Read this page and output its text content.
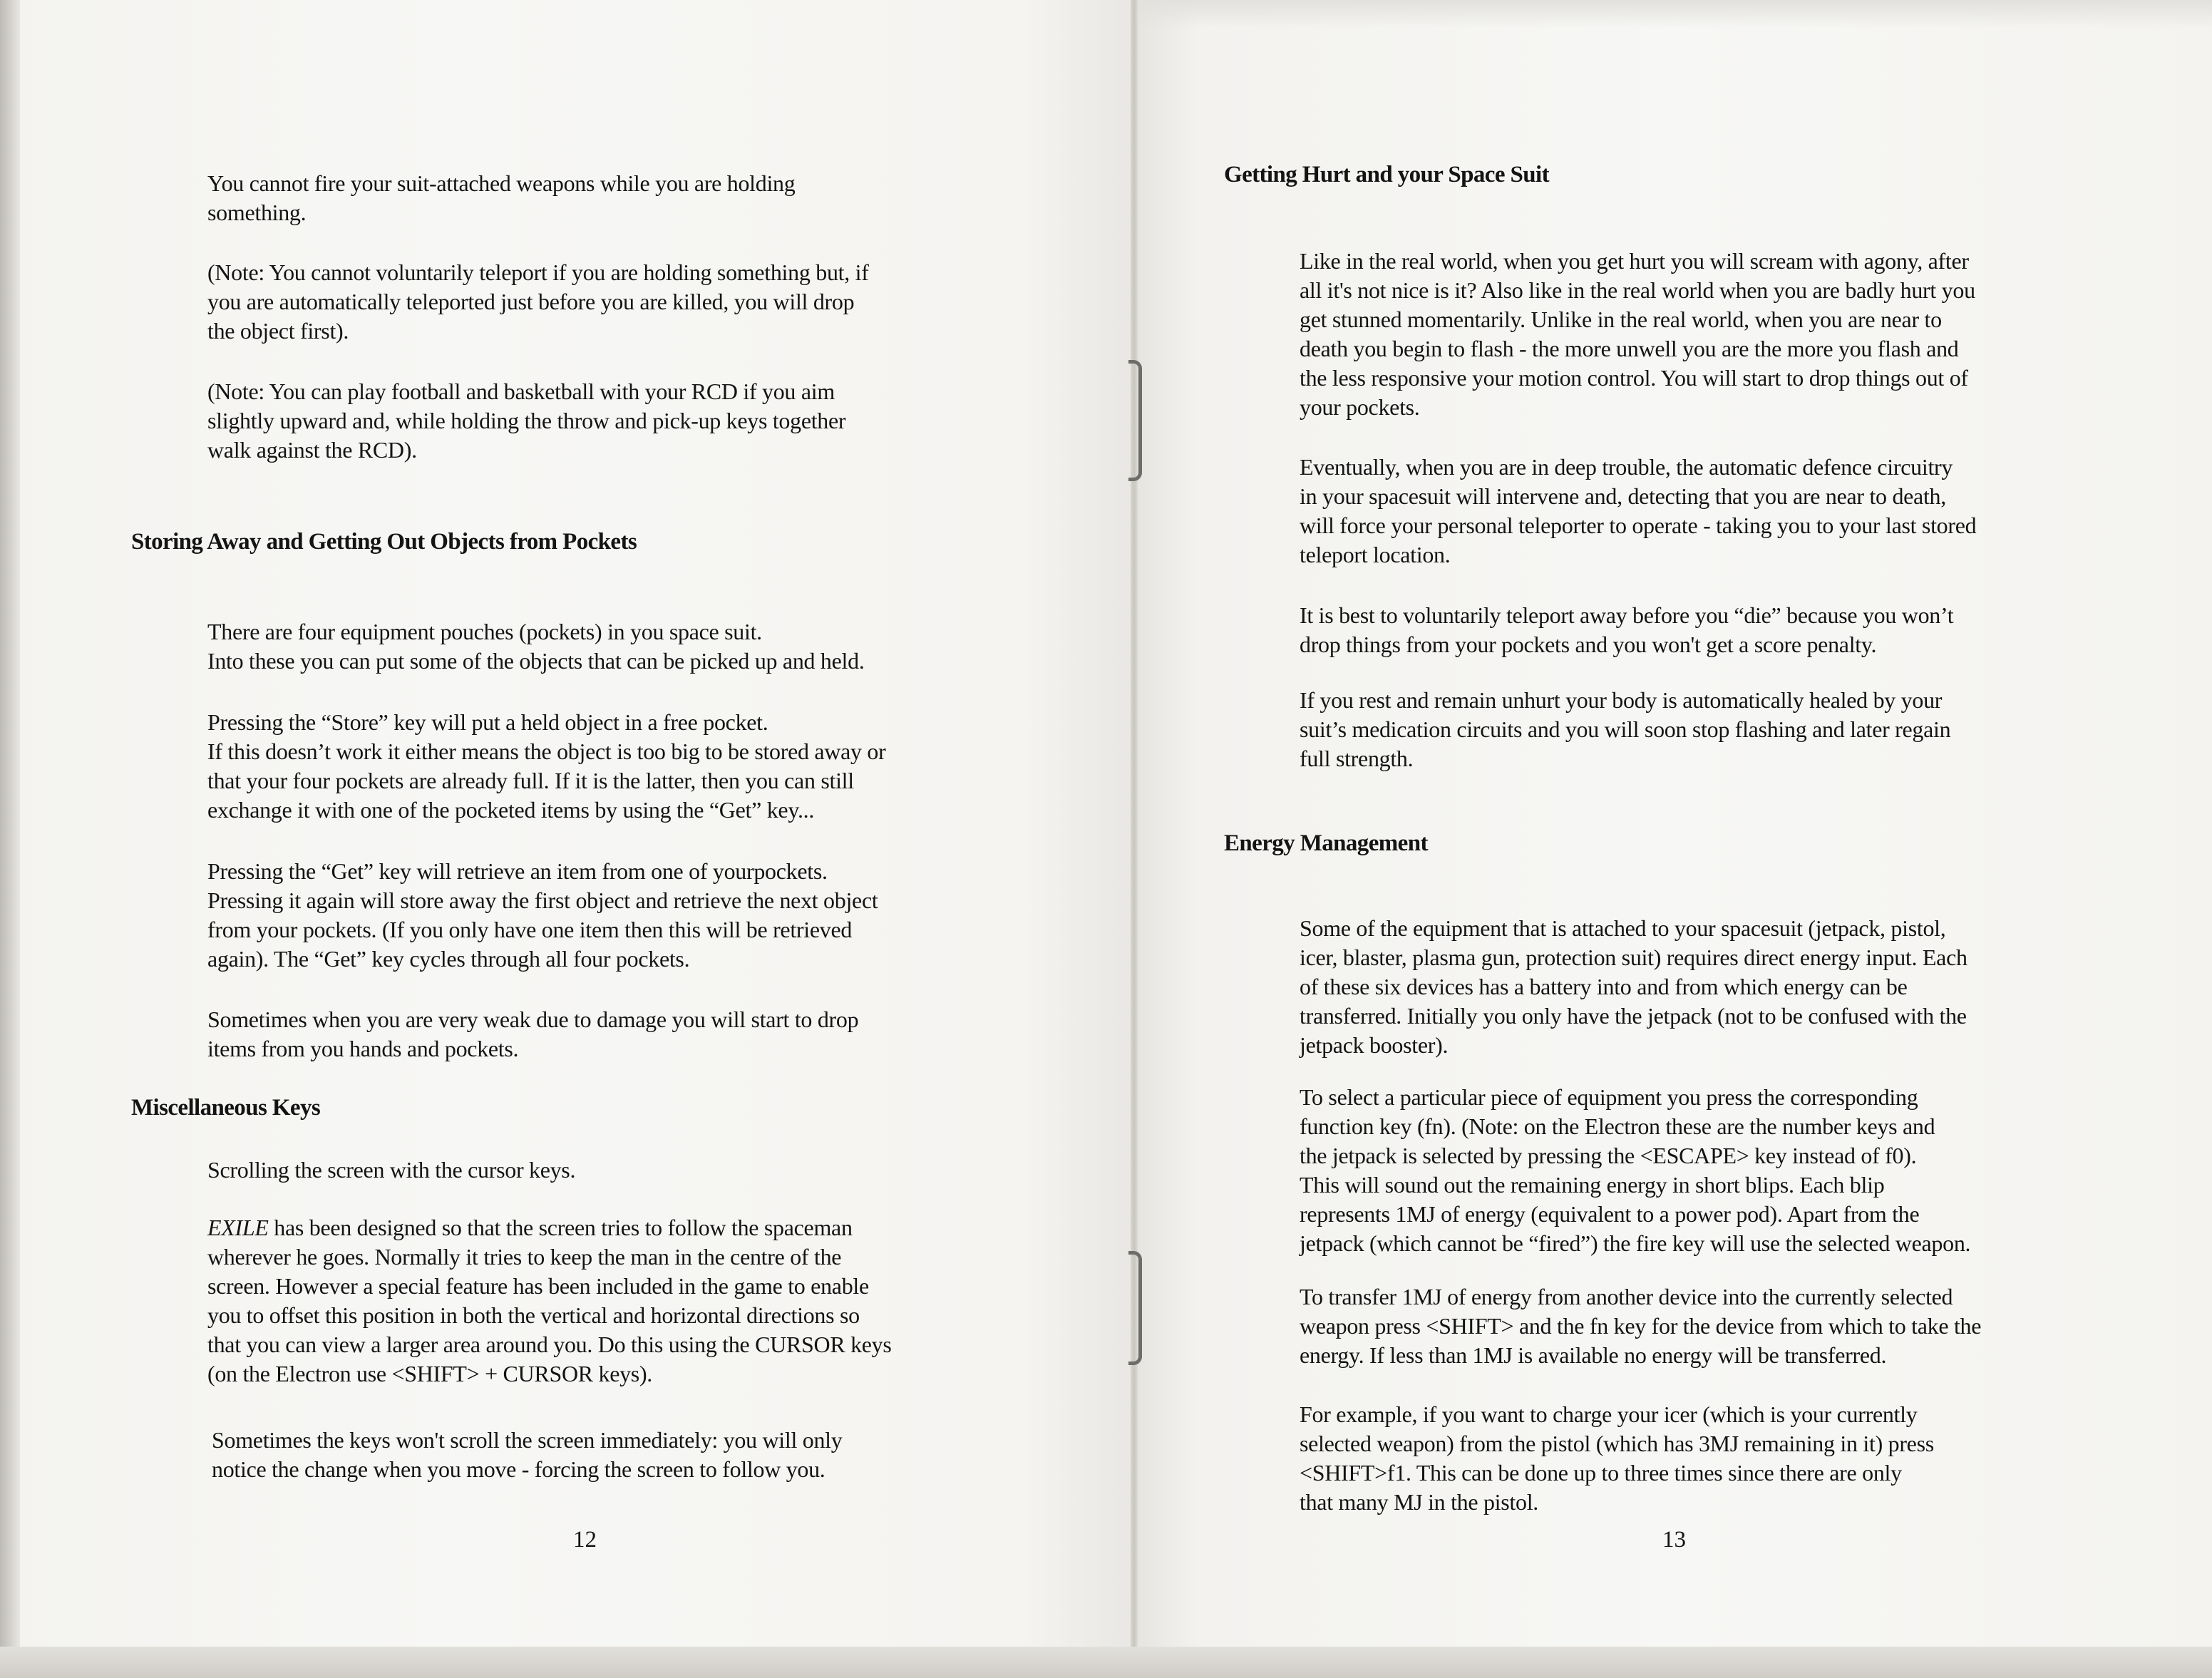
You cannot fire your suit-attached weapons while you are holding
something.

(Note: You cannot voluntarily teleport if you are holding something but, if
you are automatically teleported just before you are killed, you will drop
the object first).

(Note: You can play football and basketball with your RCD if you aim
slightly upward and, while holding the throw and pick-up keys together
walk against the RCD).

Storing Away and Getting Out Objects from Pockets

There are four equipment pouches (pockets) in you space suit.
Into these you can put some of the objects that can be picked up and held.

Pressing the “Store” key will put a held object in a free pocket.
If this doesn’t work it either means the object is too big to be stored away or
that your four pockets are already full. If it is the latter, then you can still
exchange it with one of the pocketed items by using the “Get” key...

Pressing the “Get” key will retrieve an item from one of yourpockets.
Pressing it again will store away the first object and retrieve the next object
from your pockets. (If you only have one item then this will be retrieved
again). The “Get” key cycles through all four pockets.

Sometimes when you are very weak due to damage you will start to drop
items from you hands and pockets.

Miscellaneous Keys

Scrolling the screen with the cursor keys.

EXILE has been designed so that the screen tries to follow the spaceman
wherever he goes. Normally it tries to keep the man in the centre of the
screen. However a special feature has been included in the game to enable
you to offset this position in both the vertical and horizontal directions so
that you can view a larger area around you. Do this using the CURSOR keys
(on the Electron use <SHIFT> + CURSOR keys).

Sometimes the keys won't scroll the screen immediately: you will only
notice the change when you move - forcing the screen to follow you.

12
Getting Hurt and your Space Suit

Like in the real world, when you get hurt you will scream with agony, after
all it's not nice is it? Also like in the real world when you are badly hurt you
get stunned momentarily. Unlike in the real world, when you are near to
death you begin to flash - the more unwell you are the more you flash and
the less responsive your motion control. You will start to drop things out of
your pockets.

Eventually, when you are in deep trouble, the automatic defence circuitry
in your spacesuit will intervene and, detecting that you are near to death,
will force your personal teleporter to operate - taking you to your last stored
teleport location.

It is best to voluntarily teleport away before you “die” because you won’t
drop things from your pockets and you won't get a score penalty.

If you rest and remain unhurt your body is automatically healed by your
suit’s medication circuits and you will soon stop flashing and later regain
full strength.

Energy Management

Some of the equipment that is attached to your spacesuit (jetpack, pistol,
icer, blaster, plasma gun, protection suit) requires direct energy input. Each
of these six devices has a battery into and from which energy can be
transferred. Initially you only have the jetpack (not to be confused with the
jetpack booster).

To select a particular piece of equipment you press the corresponding
function key (fn). (Note: on the Electron these are the number keys and
the jetpack is selected by pressing the <ESCAPE> key instead of f0).
This will sound out the remaining energy in short blips. Each blip
represents 1MJ of energy (equivalent to a power pod). Apart from the
jetpack (which cannot be “fired”) the fire key will use the selected weapon.

To transfer 1MJ of energy from another device into the currently selected
weapon press <SHIFT> and the fn key for the device from which to take the
energy. If less than 1MJ is available no energy will be transferred.

For example, if you want to charge your icer (which is your currently
selected weapon) from the pistol (which has 3MJ remaining in it) press
<SHIFT>f1. This can be done up to three times since there are only
that many MJ in the pistol.

13
